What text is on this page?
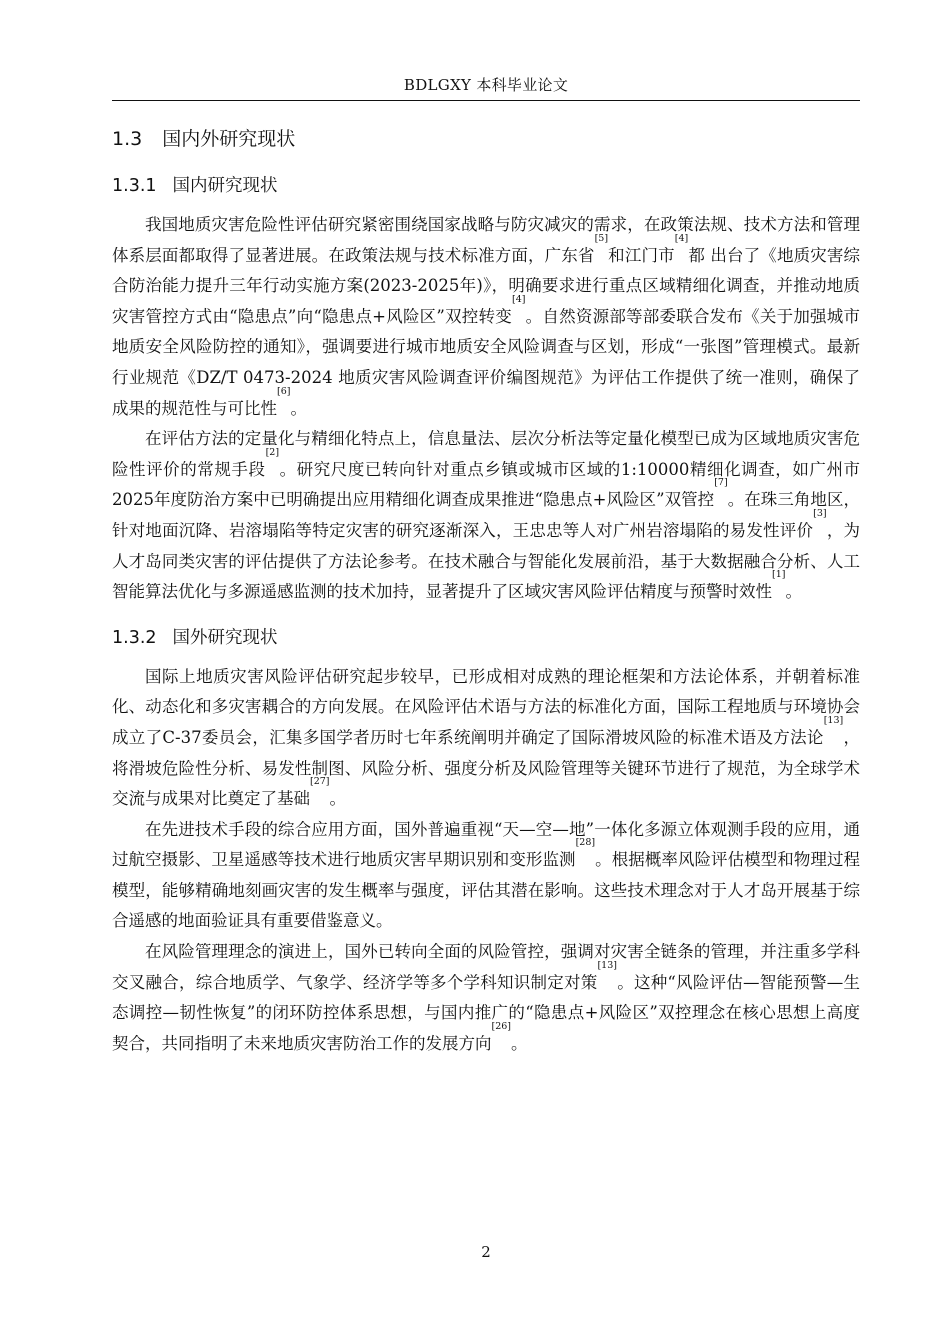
BDLGXY 本科毕业论文
1.3 国内外研究现状
1.3.1 国内研究现状

我国地质灾害危险性评估研究紧密围绕国家战略与防灾减灾的需求，在政策法规、技术方法和管理体系层面都取得了显著进展。在政策法规与技术标准方面，广东省[5]和江门市[4]都 出台了《地质灾害综合防治能力提升三年行动实施方案(2023-2025年)》，明确要求进行重点区域精细化调查，并推动地质灾害管控方式由“隐患点”向“隐患点+风险区”双控转变[4]。自然资源部等部委联合发布《关于加强城市地质安全风险防控的通知》，强调要进行城市地质安全风险调查与区划，形成“一张图”管理模式。最新行业规范《DZ/T 0473-2024 地质灾害风险调查评价编图规范》为评估工作提供了统一准则，确保了成果的规范性与可比性[6]。

在评估方法的定量化与精细化特点上，信息量法、层次分析法等定量化模型已成为区域地质灾害危险性评价的常规手段[2]。研究尺度已转向针对重点乡镇或城市区域的1:10000精细化调查，如广州市2025年度防治方案中已明确提出应用精细化调查成果推进“隐患点+风险区”双管控[7]。在珠三角地区，针对地面沉降、岩溶塌陷等特定灾害的研究逐渐深入，王忠忠等人对广州岩溶塌陷的易发性评价[3]，为人才岛同类灾害的评估提供了方法论参考。在技术融合与智能化发展前沿，基于大数据融合分析、人工智能算法优化与多源遥感监测的技术加持，显著提升了区域灾害风险评估精度与预警时效性[1]。

1.3.2 国外研究现状

国际上地质灾害风险评估研究起步较早，已形成相对成熟的理论框架和方法论体系，并朝着标准化、动态化和多灾害耦合的方向发展。在风险评估术语与方法的标准化方面，国际工程地质与环境协会成立了C-37委员会，汇集多国学者历时七年系统阐明并确定了国际滑坡风险的标准术语及方法论[13]，将滑坡危险性分析、易发性制图、风险分析、强度分析及风险管理等关键环节进行了规范，为全球学术交流与成果对比奠定了基础[27]。

在先进技术手段的综合应用方面，国外普遍重视“天—空—地”一体化多源立体观测手段的应用，通过航空摄影、卫星遥感等技术进行地质灾害早期识别和变形监测[28]。根据概率风险评估模型和物理过程模型，能够精确地刻画灾害的发生概率与强度，评估其潜在影响。这些技术理念对于人才岛开展基于综合遥感的地面验证具有重要借鉴意义。

在风险管理理念的演进上，国外已转向全面的风险管控，强调对灾害全链条的管理，并注重多学科交叉融合，综合地质学、气象学、经济学等多个学科知识制定对策[13]。这种“风险评估—智能预警—生态调控—韧性恢复”的闭环防控体系思想，与国内推广的“隐患点+风险区”双控理念在核心思想上高度契合，共同指明了未来地质灾害防治工作的发展方向[26]。

2
